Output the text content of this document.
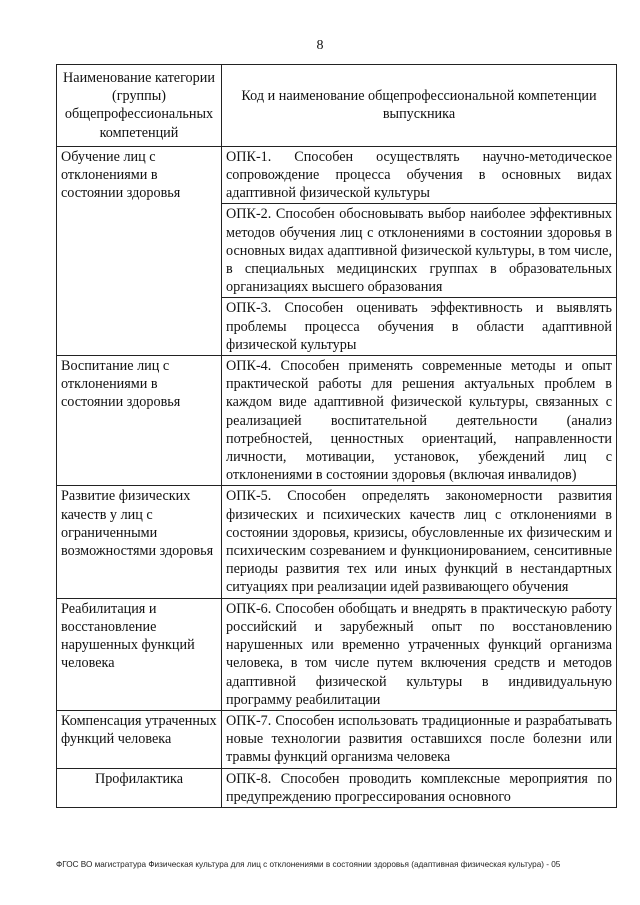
8
Наименование категории (группы) общепрофессиональных компетенций	Код и наименование общепрофессиональной компетенции выпускника
Обучение лиц с отклонениями в состоянии здоровья	ОПК-1. Способен осуществлять научно-методическое сопровождение процесса обучения в основных видах адаптивной физической культуры
	ОПК-2. Способен обосновывать выбор наиболее эффективных методов обучения лиц с отклонениями в состоянии здоровья в основных видах адаптивной физической культуры, в том числе, в специальных медицинских группах в образовательных организациях высшего образования
	ОПК-3. Способен оценивать эффективность и выявлять проблемы процесса обучения в области адаптивной физической культуры
Воспитание лиц с отклонениями в состоянии здоровья	ОПК-4. Способен применять современные методы и опыт практической работы для решения актуальных проблем в каждом виде адаптивной физической культуры, связанных с реализацией воспитательной деятельности (анализ потребностей, ценностных ориентаций, направленности личности, мотивации, установок, убеждений лиц с отклонениями в состоянии здоровья (включая инвалидов)
Развитие физических качеств у лиц с ограниченными возможностями здоровья	ОПК-5. Способен определять закономерности развития физических и психических качеств лиц с отклонениями в состоянии здоровья, кризисы, обусловленные их физическим и психическим созреванием и функционированием, сенситивные периоды развития тех или иных функций в нестандартных ситуациях при реализации идей развивающего обучения
Реабилитация и восстановление нарушенных функций человека	ОПК-6. Способен обобщать и внедрять в практическую работу российский и зарубежный опыт по восстановлению нарушенных или временно утраченных функций организма человека, в том числе путем включения средств и методов адаптивной физической культуры в индивидуальную программу реабилитации
Компенсация утраченных функций человека	ОПК-7. Способен использовать традиционные и разрабатывать новые технологии развития оставшихся после болезни или травмы функций организма человека
Профилактика	ОПК-8. Способен проводить комплексные мероприятия по предупреждению прогрессирования основного
ФГОС ВО магистратура Физическая культура для лиц с отклонениями в состоянии здоровья (адаптивная физическая культура) - 05
